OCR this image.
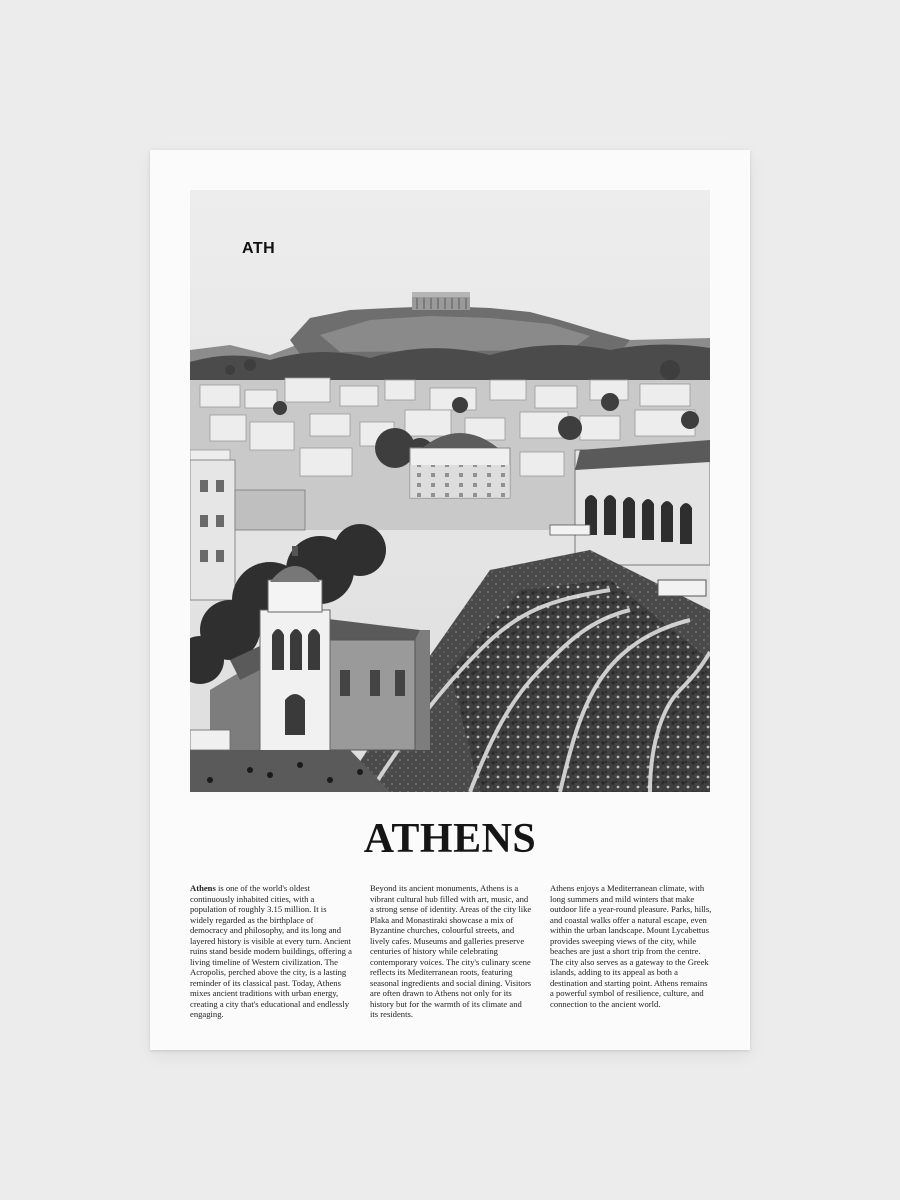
ATH
ATHENS
Athens is one of the world's oldest continuously inhabited cities, with a population of roughly 3.15 million. It is widely regarded as the birthplace of democracy and philosophy, and its long and layered history is visible at every turn. Ancient ruins stand beside modern buildings, offering a living timeline of Western civilization. The Acropolis, perched above the city, is a lasting reminder of its classical past. Today, Athens mixes ancient traditions with urban energy, creating a city that's educational and endlessly engaging.
Beyond its ancient monuments, Athens is a vibrant cultural hub filled with art, music, and a strong sense of identity. Areas of the city like Plaka and Monastiraki showcase a mix of Byzantine churches, colourful streets, and lively cafes. Museums and galleries preserve centuries of history while celebrating contemporary voices. The city's culinary scene reflects its Mediterranean roots, featuring seasonal ingredients and social dining. Visitors are often drawn to Athens not only for its history but for the warmth of its climate and its residents.
Athens enjoys a Mediterranean climate, with long summers and mild winters that make outdoor life a year-round pleasure. Parks, hills, and coastal walks offer a natural escape, even within the urban landscape. Mount Lycabettus provides sweeping views of the city, while beaches are just a short trip from the centre. The city also serves as a gateway to the Greek islands, adding to its appeal as both a destination and starting point. Athens remains a powerful symbol of resilience, culture, and connection to the ancient world.
